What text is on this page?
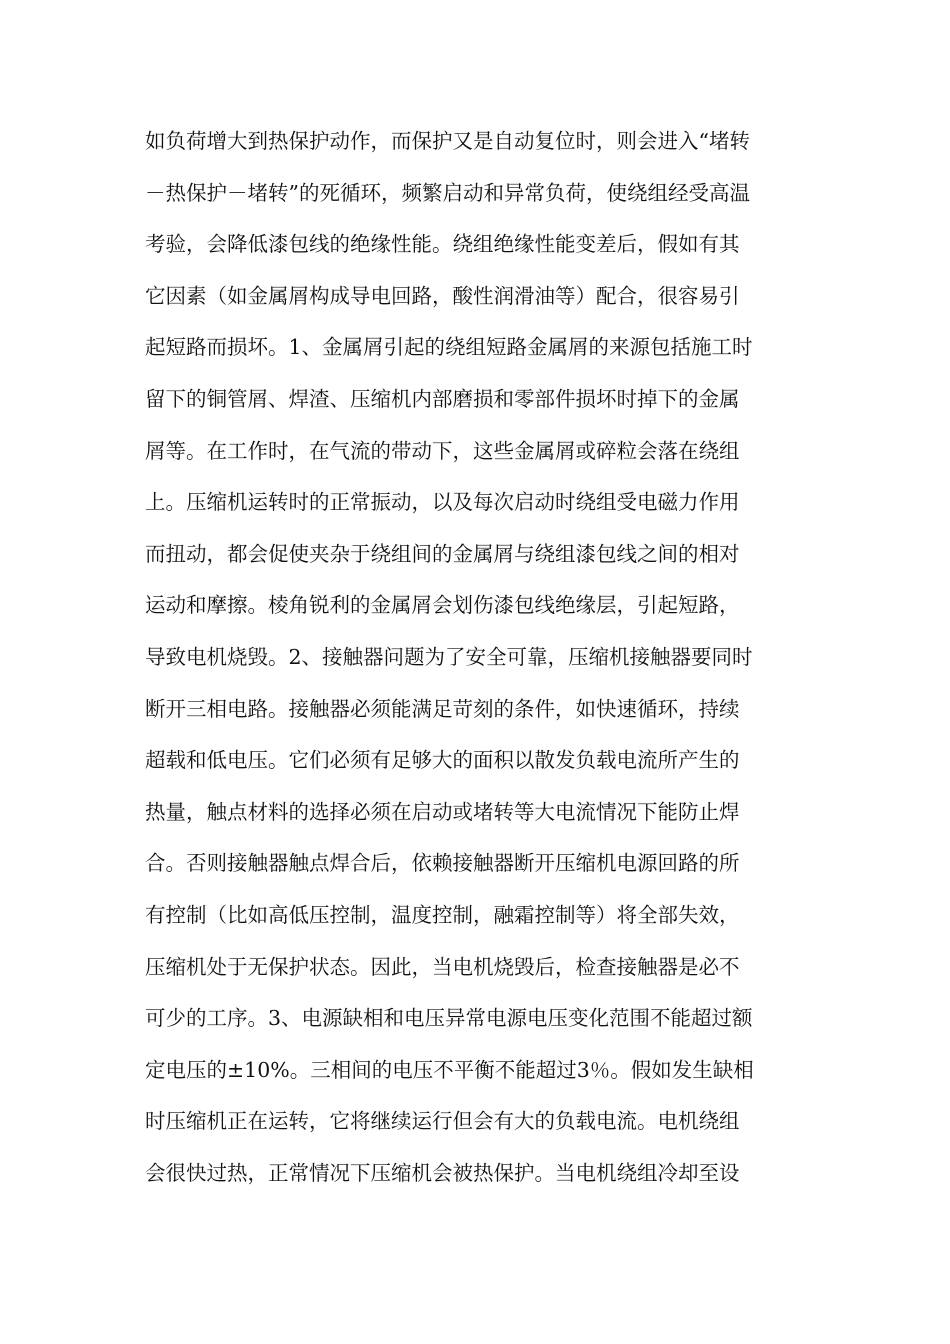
如负荷增大到热保护动作，而保护又是自动复位时，则会进入“堵转
－热保护－堵转”的死循环，频繁启动和异常负荷，使绕组经受高温
考验，会降低漆包线的绝缘性能。绕组绝缘性能变差后，假如有其
它因素（如金属屑构成导电回路，酸性润滑油等）配合，很容易引
起短路而损坏。1、金属屑引起的绕组短路金属屑的来源包括施工时
留下的铜管屑、焊渣、压缩机内部磨损和零部件损坏时掉下的金属
屑等。在工作时，在气流的带动下，这些金属屑或碎粒会落在绕组
上。压缩机运转时的正常振动，以及每次启动时绕组受电磁力作用
而扭动，都会促使夹杂于绕组间的金属屑与绕组漆包线之间的相对
运动和摩擦。棱角锐利的金属屑会划伤漆包线绝缘层，引起短路，
导致电机烧毁。2、接触器问题为了安全可靠，压缩机接触器要同时
断开三相电路。接触器必须能满足苛刻的条件，如快速循环，持续
超载和低电压。它们必须有足够大的面积以散发负载电流所产生的
热量，触点材料的选择必须在启动或堵转等大电流情况下能防止焊
合。否则接触器触点焊合后，依赖接触器断开压缩机电源回路的所
有控制（比如高低压控制，温度控制，融霜控制等）将全部失效，
压缩机处于无保护状态。因此，当电机烧毁后，检查接触器是必不
可少的工序。3、电源缺相和电压异常电源电压变化范围不能超过额
定电压的±10%。三相间的电压不平衡不能超过3％。假如发生缺相
时压缩机正在运转，它将继续运行但会有大的负载电流。电机绕组
会很快过热，正常情况下压缩机会被热保护。当电机绕组冷却至设
